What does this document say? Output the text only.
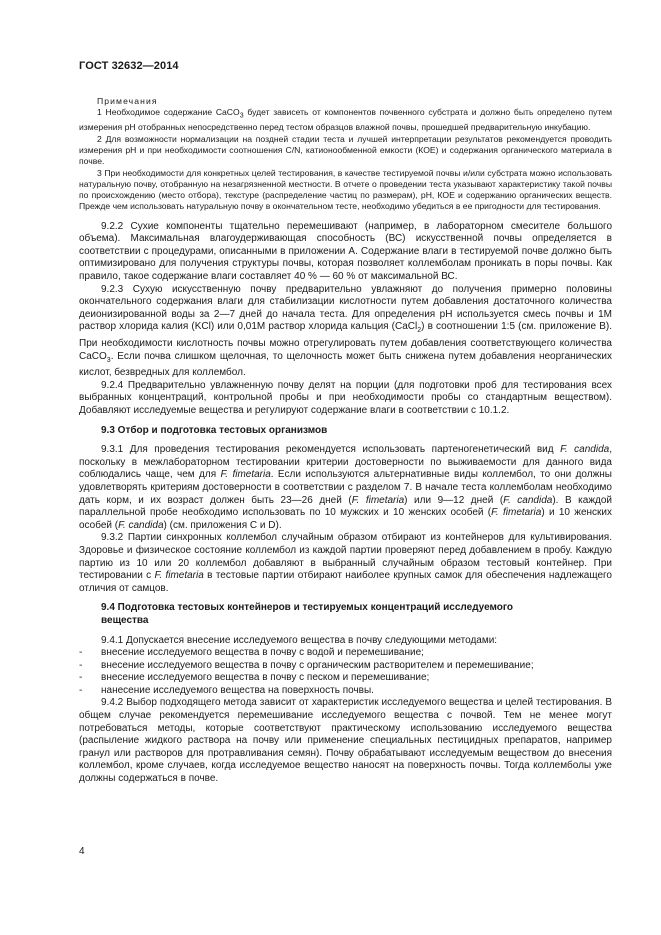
ГОСТ 32632—2014
Примечания

1 Необходимое содержание CaCO$_3$ будет зависеть от компонентов почвенного субстрата и должно быть определено путем измерения pH отобранных непосредственно перед тестом образцов влажной почвы, прошедшей предварительную инкубацию.

2 Для возможности нормализации на поздней стадии теста и лучшей интерпретации результатов рекомендуется проводить измерения pH и при необходимости соотношения C/N, катионообменной емкости (КОЕ) и содержания органического материала в почве.

3 При необходимости для конкретных целей тестирования, в качестве тестируемой почвы и/или субстрата можно использовать натуральную почву, отобранную на незагрязненной местности. В отчете о проведении теста указывают характеристику такой почвы по происхождению (место отбора), текстуре (распределение частиц по размерам), pH, КОЕ и содержанию органических веществ. Прежде чем использовать натуральную почву в окончательном тесте, необходимо убедиться в ее пригодности для тестирования.

9.2.2 Сухие компоненты тщательно перемешивают (например, в лабораторном смесителе большого объема). Максимальная влагоудерживающая способность (ВС) искусственной почвы определяется в соответствии с процедурами, описанными в приложении А. Содержание влаги в тестируемой почве должно быть оптимизировано для получения структуры почвы, которая позволяет коллемболам проникать в поры почвы. Как правило, такое содержание влаги составляет 40 % — 60 % от максимальной ВС.

9.2.3 Сухую искусственную почву предварительно увлажняют до получения примерно половины окончательного содержания влаги для стабилизации кислотности путем добавления достаточного количества деионизированной воды за 2—7 дней до начала теста. Для определения pH используется смесь почвы и 1М раствор хлорида калия (KCl) или 0,01М раствор хлорида кальция (CaCl$_2$) в соотношении 1:5 (см. приложение В). При необходимости кислотность почвы можно отрегулировать путем добавления соответствующего количества CaCO$_3$. Если почва слишком щелочная, то щелочность может быть снижена путем добавления неорганических кислот, безвредных для коллембол.

9.2.4 Предварительно увлажненную почву делят на порции (для подготовки проб для тестирования всех выбранных концентраций, контрольной пробы и при необходимости пробы со стандартным веществом). Добавляют исследуемые вещества и регулируют содержание влаги в соответствии с 10.1.2.

9.3 Отбор и подготовка тестовых организмов

9.3.1 Для проведения тестирования рекомендуется использовать партеногенетический вид F. candida, поскольку в межлабораторном тестировании критерии достоверности по выживаемости для данного вида соблюдались чаще, чем для F. fimetaria. Если используются альтернативные виды коллембол, то они должны удовлетворять критериям достоверности в соответствии с разделом 7. В начале теста коллемболам необходимо дать корм, и их возраст должен быть 23—26 дней (F. fimetaria) или 9—12 дней (F. candida). В каждой параллельной пробе необходимо использовать по 10 мужских и 10 женских особей (F. fimetaria) и 10 женских особей (F. candida) (см. приложения С и D).

9.3.2 Партии синхронных коллембол случайным образом отбирают из контейнеров для культивирования. Здоровье и физическое состояние коллембол из каждой партии проверяют перед добавлением в пробу. Каждую партию из 10 или 20 коллембол добавляют в выбранный случайным образом тестовый контейнер. При тестировании с F. fimetaria в тестовые партии отбирают наиболее крупных самок для обеспечения надлежащего отличия от самцов.

9.4 Подготовка тестовых контейнеров и тестируемых концентраций исследуемого
вещества

9.4.1 Допускается внесение исследуемого вещества в почву следующими методами:

- внесение исследуемого вещества в почву с водой и перемешивание;
- внесение исследуемого вещества в почву с органическим растворителем и перемешивание;
- внесение исследуемого вещества в почву с песком и перемешивание;
- нанесение исследуемого вещества на поверхность почвы.

9.4.2 Выбор подходящего метода зависит от характеристик исследуемого вещества и целей тестирования. В общем случае рекомендуется перемешивание исследуемого вещества с почвой. Тем не менее могут потребоваться методы, которые соответствуют практическому использованию исследуемого вещества (распыление жидкого раствора на почву или применение специальных пестицидных препаратов, например гранул или растворов для протравливания семян). Почву обрабатывают исследуемым веществом до внесения коллембол, кроме случаев, когда исследуемое вещество наносят на поверхность почвы. Тогда коллемболы уже должны содержаться в почве.

4
